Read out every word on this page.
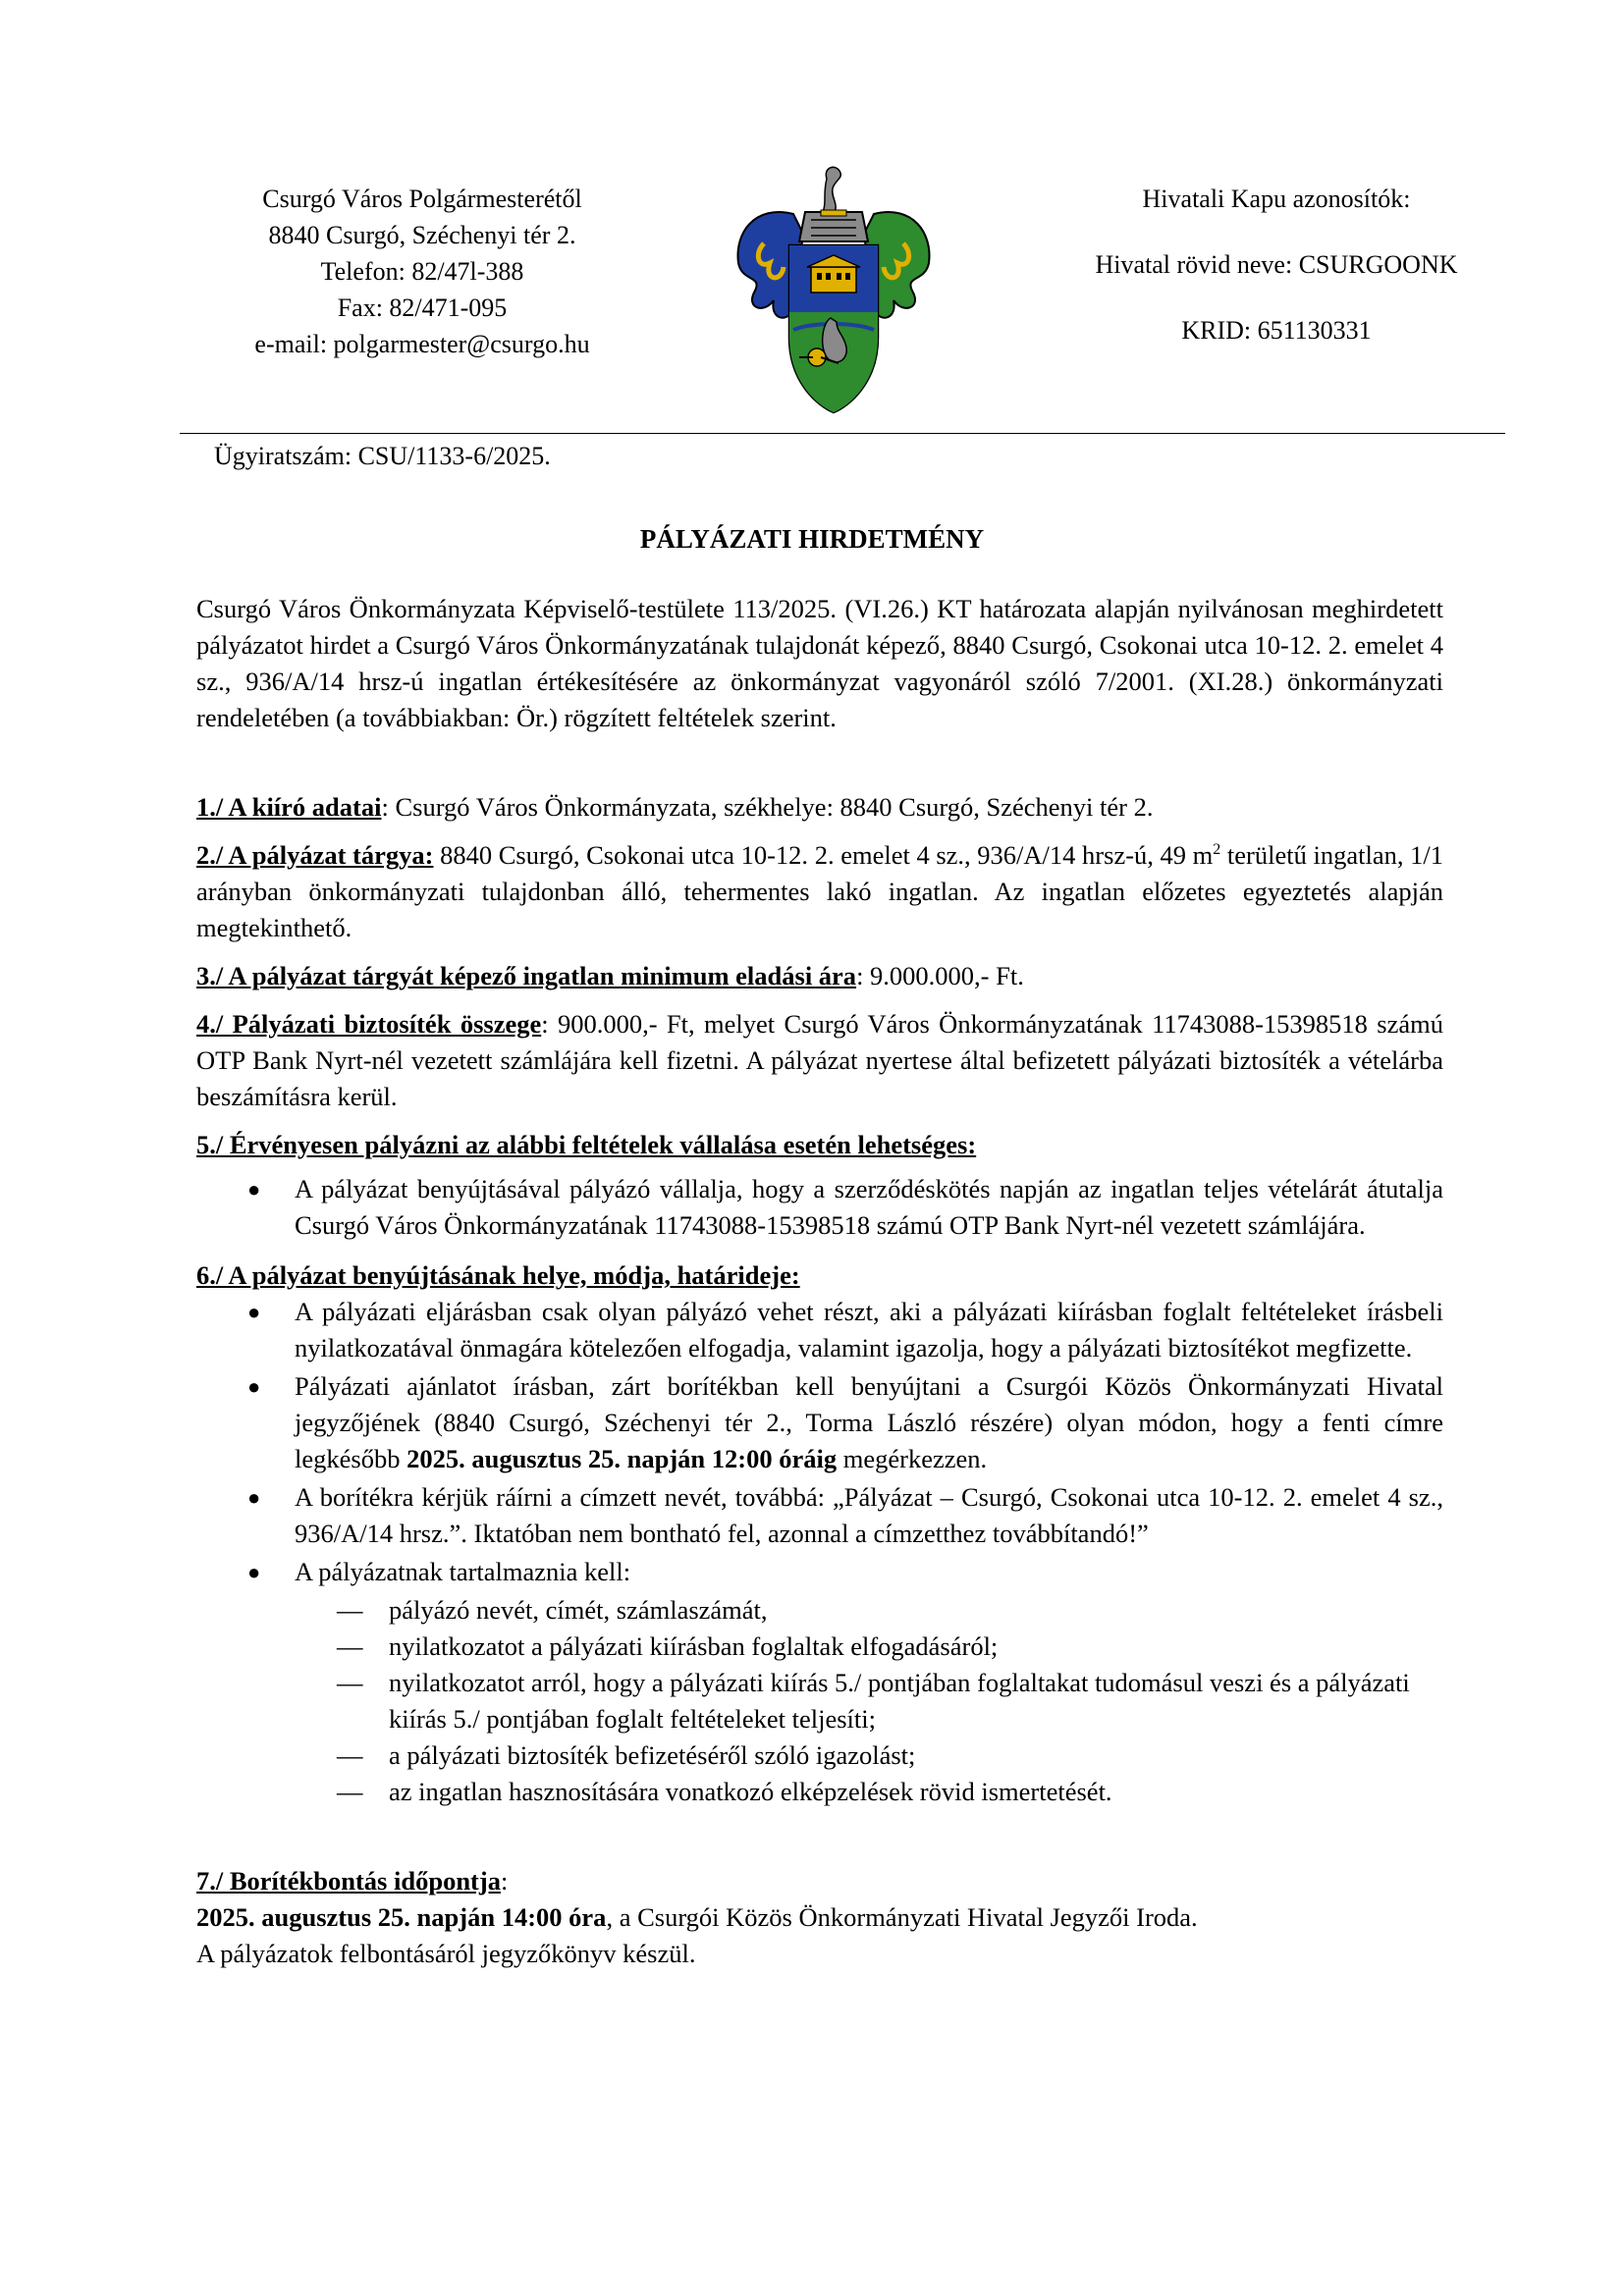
Csurgó Város Polgármesterétől
8840 Csurgó, Széchenyi tér 2.
Telefon: 82/47l-388
Fax: 82/471-095
e-mail: polgarmester@csurgo.hu
Hivatali Kapu azonosítók:
Hivatal rövid neve: CSURGOONK
KRID: 651130331
Ügyiratszám: CSU/1133-6/2025.
PÁLYÁZATI HIRDETMÉNY

Csurgó Város Önkormányzata Képviselő-testülete 113/2025. (VI.26.) KT határozata alapján nyilvánosan meghirdetett pályázatot hirdet a Csurgó Város Önkormányzatának tulajdonát képező, 8840 Csurgó, Csokonai utca 10-12. 2. emelet 4 sz., 936/A/14 hrsz-ú ingatlan értékesítésére az önkormányzat vagyonáról szóló 7/2001. (XI.28.) önkormányzati rendeletében (a továbbiakban: Ör.) rögzített feltételek szerint.

1./ A kiíró adatai: Csurgó Város Önkormányzata, székhelye: 8840 Csurgó, Széchenyi tér 2.

2./ A pályázat tárgya: 8840 Csurgó, Csokonai utca 10-12. 2. emelet 4 sz., 936/A/14 hrsz-ú, 49 $m^2$ területű ingatlan, 1/1 arányban önkormányzati tulajdonban álló, tehermentes lakó ingatlan. Az ingatlan előzetes egyeztetés alapján megtekinthető.

3./ A pályázat tárgyát képező ingatlan minimum eladási ára: 9.000.000,- Ft.

4./ Pályázati biztosíték összege: 900.000,- Ft, melyet Csurgó Város Önkormányzatának 11743088-15398518 számú OTP Bank Nyrt-nél vezetett számlájára kell fizetni. A pályázat nyertese által befizetett pályázati biztosíték a vételárba beszámításra kerül.

5./ Érvényesen pályázni az alábbi feltételek vállalása esetén lehetséges:

● A pályázat benyújtásával pályázó vállalja, hogy a szerződéskötés napján az ingatlan teljes vételárát átutalja Csurgó Város Önkormányzatának 11743088-15398518 számú OTP Bank Nyrt-nél vezetett számlájára.

6./ A pályázat benyújtásának helye, módja, határideje:

● A pályázati eljárásban csak olyan pályázó vehet részt, aki a pályázati kiírásban foglalt feltételeket írásbeli nyilatkozatával önmagára kötelezően elfogadja, valamint igazolja, hogy a pályázati biztosítékot megfizette.
● Pályázati ajánlatot írásban, zárt borítékban kell benyújtani a Csurgói Közös Önkormányzati Hivatal jegyzőjének (8840 Csurgó, Széchenyi tér 2., Torma László részére) olyan módon, hogy a fenti címre legkésőbb 2025. augusztus 25. napján 12:00 óráig megérkezzen.
● A borítékra kérjük ráírni a címzett nevét, továbbá: „Pályázat – Csurgó, Csokonai utca 10-12. 2. emelet 4 sz., 936/A/14 hrsz.”. Iktatóban nem bontható fel, azonnal a címzetthez továbbítandó!”
● A pályázatnak tartalmaznia kell:
— pályázó nevét, címét, számlaszámát,
— nyilatkozatot a pályázati kiírásban foglaltak elfogadásáról;
— nyilatkozatot arról, hogy a pályázati kiírás 5./ pontjában foglaltakat tudomásul veszi és a pályázati kiírás 5./ pontjában foglalt feltételeket teljesíti;
— a pályázati biztosíték befizetéséről szóló igazolást;
— az ingatlan hasznosítására vonatkozó elképzelések rövid ismertetését.

7./ Borítékbontás időpontja:

2025. augusztus 25. napján 14:00 óra, a Csurgói Közös Önkormányzati Hivatal Jegyzői Iroda.

A pályázatok felbontásáról jegyzőkönyv készül.
